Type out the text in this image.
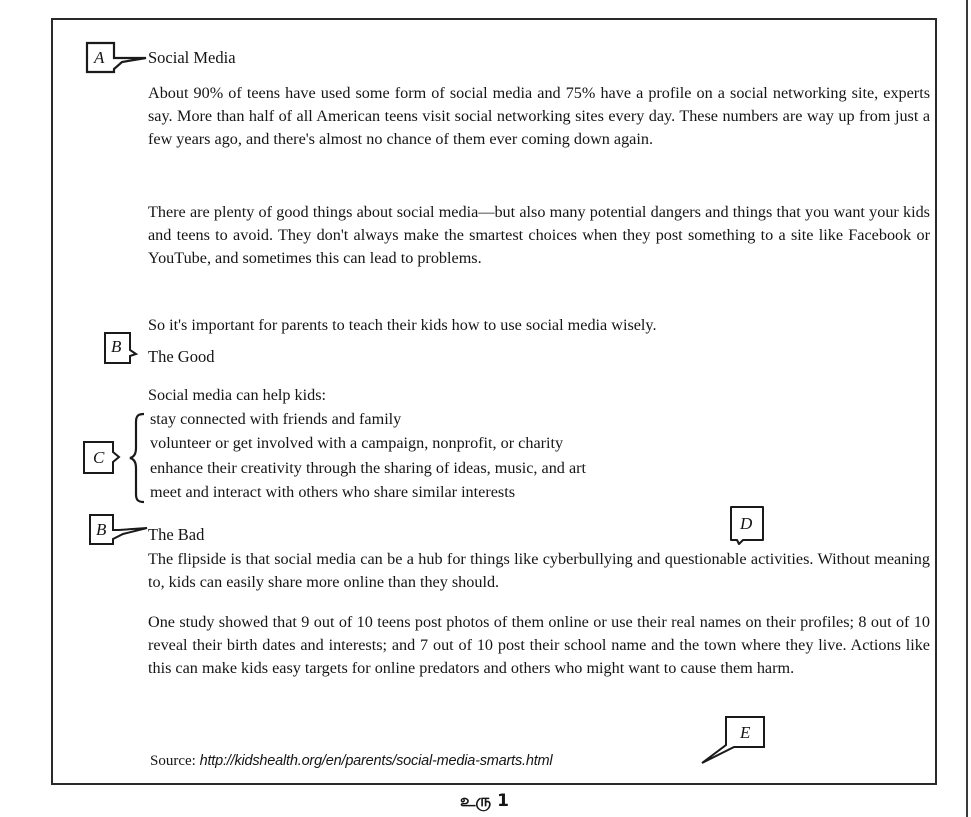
A	Social Media
About 90% of teens have used some form of social media and 75% have a profile on a social networking site, experts say. More than half of all American teens visit social networking sites every day. These numbers are way up from just a few years ago, and there's almost no chance of them ever coming down again.
There are plenty of good things about social media—but also many potential dangers and things that you want your kids and teens to avoid. They don't always make the smartest choices when they post something to a site like Facebook or YouTube, and sometimes this can lead to problems.
So it's important for parents to teach their kids how to use social media wisely.
B
The Good
Social media can help kids:
C
stay connected with friends and family
volunteer or get involved with a campaign, nonprofit, or charity
enhance their creativity through the sharing of ideas, music, and art
meet and interact with others who share similar interests
B	The Bad
D
The flipside is that social media can be a hub for things like cyberbullying and questionable activities. Without meaning to, kids can easily share more online than they should.
One study showed that 9 out of 10 teens post photos of them online or use their real names on their profiles; 8 out of 10 reveal their birth dates and interests; and 7 out of 10 post their school name and the town where they live. Actions like this can make kids easy targets for online predators and others who might want to cause them harm.
Source: http://kidshealth.org/en/parents/social-media-smarts.html
E
உரு 1
